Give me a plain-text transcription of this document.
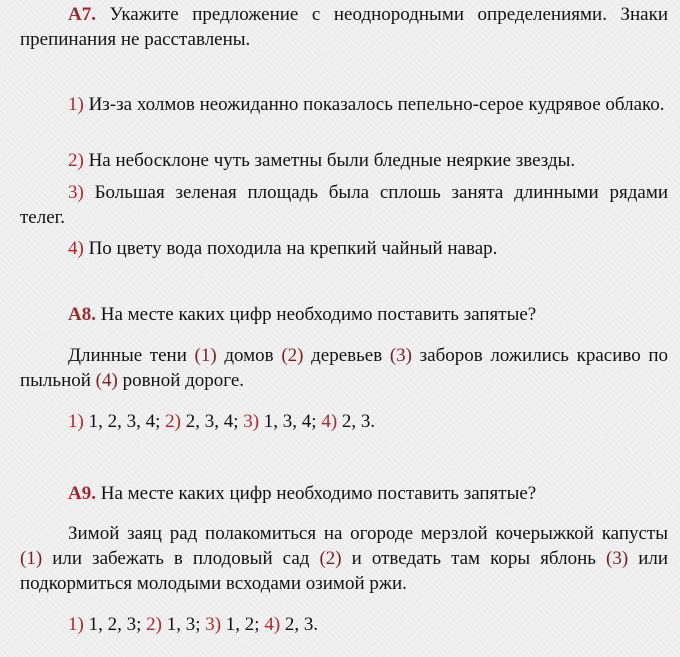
А7. Укажите предложение с неоднородными определениями. Знаки препинания не расставлены.
1) Из-за холмов неожиданно показалось пепельно-серое кудрявое облако.
2) На небосклоне чуть заметны были бледные неяркие звезды.
3) Большая зеленая площадь была сплошь занята длинными рядами телег.
4) По цвету вода походила на крепкий чайный навар.
А8. На месте каких цифр необходимо поставить запятые?
Длинные тени (1) домов (2) деревьев (3) заборов ложились красиво по пыльной (4) ровной дороге.
1) 1, 2, 3, 4; 2) 2, 3, 4; 3) 1, 3, 4; 4) 2, 3.
А9. На месте каких цифр необходимо поставить запятые?
Зимой заяц рад полакомиться на огороде мерзлой кочерыжкой капусты (1) или забежать в плодовый сад (2) и отведать там коры яблонь (3) или подкормиться молодыми всходами озимой ржи.
1) 1, 2, 3; 2) 1, 3; 3) 1, 2; 4) 2, 3.
